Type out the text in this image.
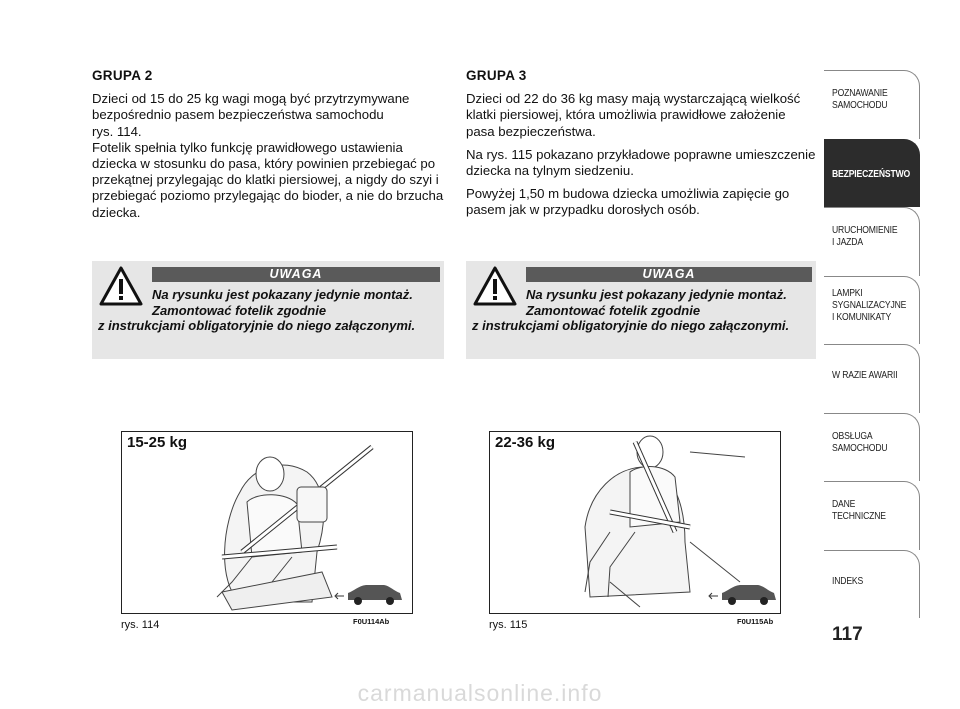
GRUPA 2

Dzieci od 15 do 25 kg wagi mogą być przytrzymywane bezpośrednio pasem bezpieczeństwa samochodu
rys. 114.
Fotelik spełnia tylko funkcję prawidłowego ustawienia dziecka w stosunku do pasa, który powinien przebiegać po przekątnej przylegając do klatki piersiowej, a nigdy do szyi i przebiegać poziomo przylegając do bioder, a nie do brzucha dziecka.

GRUPA 3

Dzieci od 22 do 36 kg masy mają wystarczającą wielkość klatki piersiowej, która umożliwia prawidłowe założenie pasa bezpieczeństwa.

Na rys. 115 pokazano przykładowe poprawne umieszczenie dziecka na tylnym siedzeniu.

Powyżej 1,50 m budowa dziecka umożliwia zapięcie go pasem jak w przypadku dorosłych osób.

UWAGA
Na rysunku jest pokazany jedynie montaż. Zamontować fotelik zgodnie
z instrukcjami obligatoryjnie do niego załączonymi.
UWAGA
Na rysunku jest pokazany jedynie montaż. Zamontować fotelik zgodnie
z instrukcjami obligatoryjnie do niego załączonymi.
15-25 kg
rys. 114	F0U114Ab
22-36 kg
rys. 115	F0U115Ab
POZNAWANIE
SAMOCHODU
BEZPIECZEŃSTWO
URUCHOMIENIE
I JAZDA
LAMPKI
SYGNALIZACYJNE
I KOMUNIKATY
W RAZIE AWARII
OBSŁUGA
SAMOCHODU
DANE
TECHNICZNE
INDEKS
117
carmanualsonline.info
